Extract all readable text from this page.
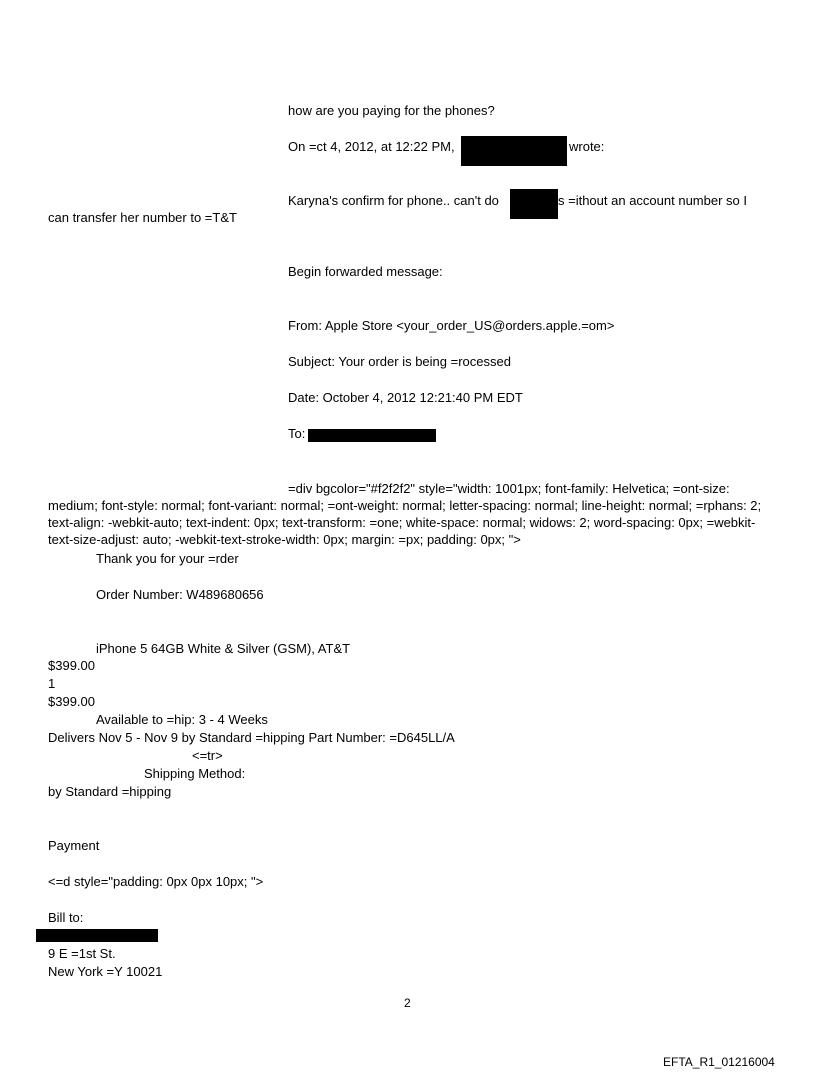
how are you paying for the phones?
On =ct 4, 2012, at 12:22 PM,	wrote:
Karyna's confirm for phone.. can't do	s =ithout an account number so I
can transfer her number to =T&T
Begin forwarded message:
From: Apple Store <your_order_US@orders.apple.=om>
Subject: Your order is being =rocessed
Date: October 4, 2012 12:21:40 PM EDT
To:
=div bgcolor="#f2f2f2" style="width: 1001px; font-family: Helvetica; =ont-size: medium; font-style: normal; font-variant: normal; =ont-weight: normal; letter-spacing: normal; line-height: normal; =rphans: 2; text-align: -webkit-auto; text-indent: 0px; text-transform: =one; white-space: normal; widows: 2; word-spacing: 0px; =webkit-text-size-adjust: auto; -webkit-text-stroke-width: 0px; margin: =px; padding: 0px; ">
Thank you for your =rder
Order Number: W489680656
iPhone 5 64GB White & Silver (GSM), AT&T
$399.00
1
$399.00
Available to =hip: 3 - 4 Weeks
Delivers Nov 5 - Nov 9 by Standard =hipping Part Number: =D645LL/A
<=tr>
Shipping Method:
by Standard =hipping
Payment
<=d style="padding: 0px 0px 10px; ">
Bill to:
9 E =1st St.
New York =Y 10021
2
EFTA_R1_01216004
